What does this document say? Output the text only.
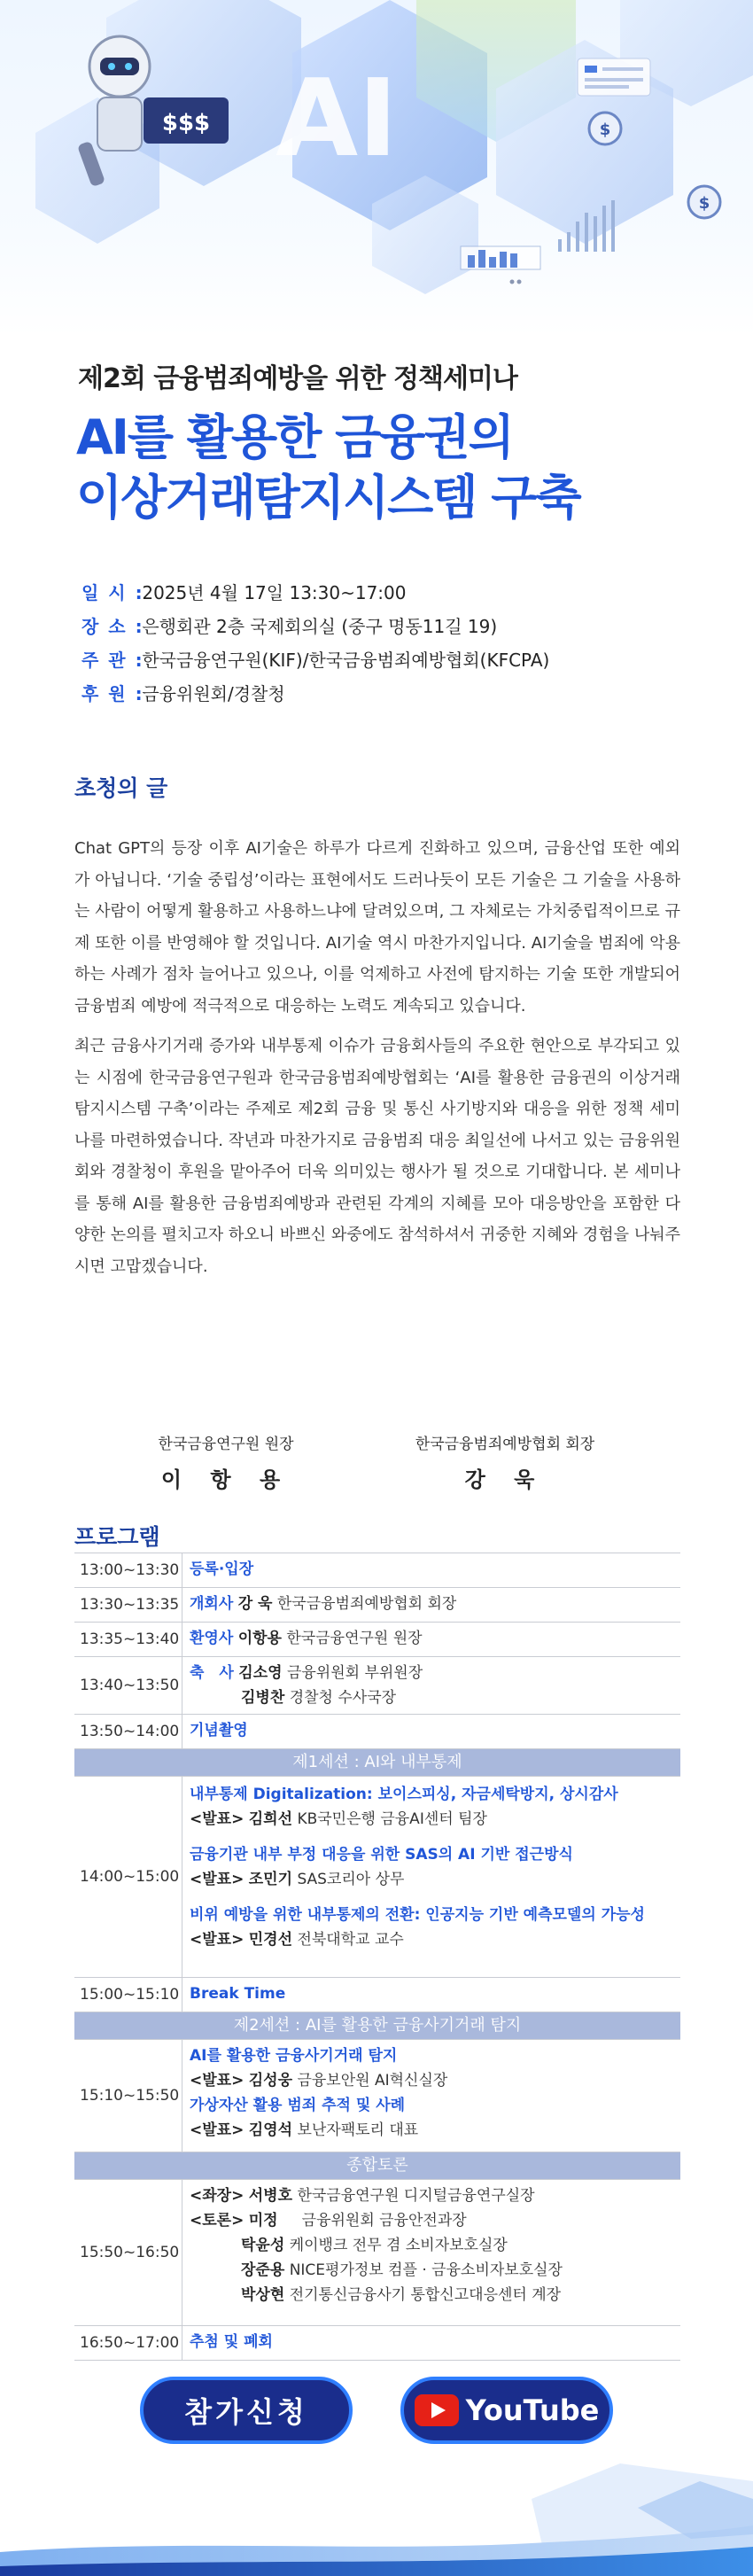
$$$ AI	$
$
제2회 금융범죄예방을 위한 정책세미나
AI를 활용한 금융권의
이상거래탐지시스템 구축
일 시 : 2025년 4월 17일 13:30~17:00
장 소 : 은행회관 2층 국제회의실 (중구 명동11길 19)
주 관 : 한국금융연구원(KIF)/한국금융범죄예방협회(KFCPA)
후 원 : 금융위원회/경찰청
초청의 글

Chat GPT의 등장 이후 AI기술은 하루가 다르게 진화하고 있으며, 금융산업 또한 예외가 아닙니다. ‘기술 중립성’이라는 표현에서도 드러나듯이 모든 기술은 그 기술을 사용하는 사람이 어떻게 활용하고 사용하느냐에 달려있으며, 그 자체로는 가치중립적이므로 규제 또한 이를 반영해야 할 것입니다. AI기술 역시 마찬가지입니다. AI기술을 범죄에 악용하는 사례가 점차 늘어나고 있으나, 이를 억제하고 사전에 탐지하는 기술 또한 개발되어 금융범죄 예방에 적극적으로 대응하는 노력도 계속되고 있습니다.

최근 금융사기거래 증가와 내부통제 이슈가 금융회사들의 주요한 현안으로 부각되고 있는 시점에 한국금융연구원과 한국금융범죄예방협회는 ‘AI를 활용한 금융권의 이상거래탐지시스템 구축’이라는 주제로 제2회 금융 및 통신 사기방지와 대응을 위한 정책 세미나를 마련하였습니다. 작년과 마찬가지로 금융범죄 대응 최일선에 나서고 있는 금융위원회와 경찰청이 후원을 맡아주어 더욱 의미있는 행사가 될 것으로 기대합니다. 본 세미나를 통해 AI를 활용한 금융범죄예방과 관련된 각계의 지혜를 모아 대응방안을 포함한 다양한 논의를 펼치고자 하오니 바쁘신 와중에도 참석하셔서 귀중한 지혜와 경험을 나눠주시면 고맙겠습니다.

한국금융연구원 원장
이 항 용
한국금융범죄예방협회 회장
강 욱
프로그램
13:00~13:30 등록·입장
13:30~13:35 개회사 강 욱 한국금융범죄예방협회 회장
13:35~13:40 환영사 이항용 한국금융연구원 원장
13:40~13:50
축　사 김소영 금융위원회 부위원장
김병찬 경찰청 수사국장
13:50~14:00 기념촬영
제1세션 : AI와 내부통제
14:00~15:00
내부통제 Digitalization: 보이스피싱, 자금세탁방지, 상시감사
<발표> 김희선 KB국민은행 금융AI센터 팀장
금융기관 내부 부정 대응을 위한 SAS의 AI 기반 접근방식
<발표> 조민기 SAS코리아 상무
비위 예방을 위한 내부통제의 전환: 인공지능 기반 예측모델의 가능성
<발표> 민경선 전북대학교 교수
15:00~15:10 Break Time
제2세션 : AI를 활용한 금융사기거래 탐지
15:10~15:50
AI를 활용한 금융사기거래 탐지
<발표> 김성웅 금융보안원 AI혁신실장
가상자산 활용 범죄 추적 및 사례
<발표> 김영석 보난자팩토리 대표
종합토론
15:50~16:50
<좌장> 서병호 한국금융연구원 디지털금융연구실장
<토론> 미정 금융위원회 금융안전과장
탁윤성 케이뱅크 전무 겸 소비자보호실장
장준용 NICE평가정보 컴플 · 금융소비자보호실장
박상현 전기통신금융사기 통합신고대응센터 계장
16:50~17:00 추첨 및 폐회
참가신청	YouTube
